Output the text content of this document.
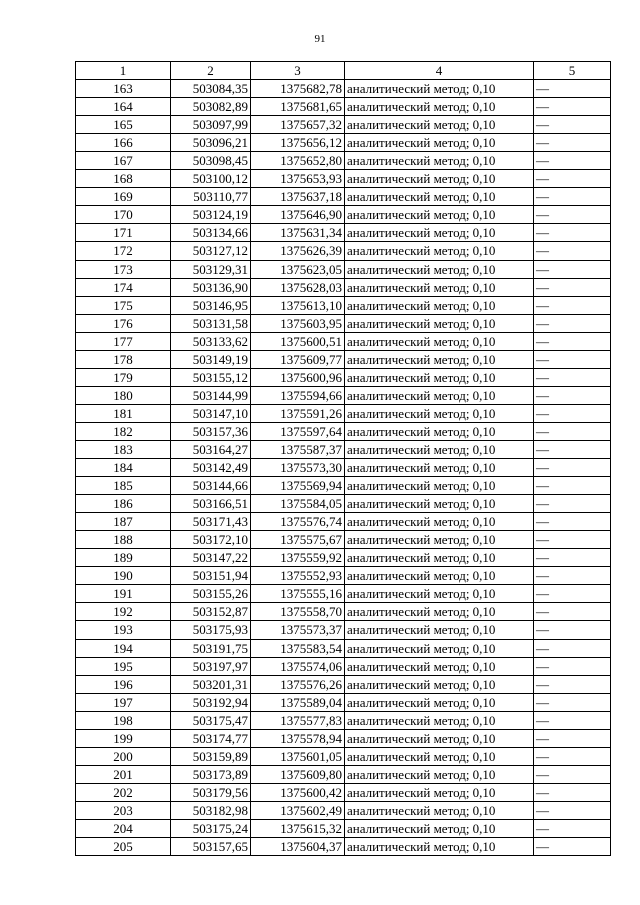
91
1	2	3	4	5
163	503084,35	1375682,78	аналитический метод; 0,10	—
164	503082,89	1375681,65	аналитический метод; 0,10	—
165	503097,99	1375657,32	аналитический метод; 0,10	—
166	503096,21	1375656,12	аналитический метод; 0,10	—
167	503098,45	1375652,80	аналитический метод; 0,10	—
168	503100,12	1375653,93	аналитический метод; 0,10	—
169	503110,77	1375637,18	аналитический метод; 0,10	—
170	503124,19	1375646,90	аналитический метод; 0,10	—
171	503134,66	1375631,34	аналитический метод; 0,10	—
172	503127,12	1375626,39	аналитический метод; 0,10	—
173	503129,31	1375623,05	аналитический метод; 0,10	—
174	503136,90	1375628,03	аналитический метод; 0,10	—
175	503146,95	1375613,10	аналитический метод; 0,10	—
176	503131,58	1375603,95	аналитический метод; 0,10	—
177	503133,62	1375600,51	аналитический метод; 0,10	—
178	503149,19	1375609,77	аналитический метод; 0,10	—
179	503155,12	1375600,96	аналитический метод; 0,10	—
180	503144,99	1375594,66	аналитический метод; 0,10	—
181	503147,10	1375591,26	аналитический метод; 0,10	—
182	503157,36	1375597,64	аналитический метод; 0,10	—
183	503164,27	1375587,37	аналитический метод; 0,10	—
184	503142,49	1375573,30	аналитический метод; 0,10	—
185	503144,66	1375569,94	аналитический метод; 0,10	—
186	503166,51	1375584,05	аналитический метод; 0,10	—
187	503171,43	1375576,74	аналитический метод; 0,10	—
188	503172,10	1375575,67	аналитический метод; 0,10	—
189	503147,22	1375559,92	аналитический метод; 0,10	—
190	503151,94	1375552,93	аналитический метод; 0,10	—
191	503155,26	1375555,16	аналитический метод; 0,10	—
192	503152,87	1375558,70	аналитический метод; 0,10	—
193	503175,93	1375573,37	аналитический метод; 0,10	—
194	503191,75	1375583,54	аналитический метод; 0,10	—
195	503197,97	1375574,06	аналитический метод; 0,10	—
196	503201,31	1375576,26	аналитический метод; 0,10	—
197	503192,94	1375589,04	аналитический метод; 0,10	—
198	503175,47	1375577,83	аналитический метод; 0,10	—
199	503174,77	1375578,94	аналитический метод; 0,10	—
200	503159,89	1375601,05	аналитический метод; 0,10	—
201	503173,89	1375609,80	аналитический метод; 0,10	—
202	503179,56	1375600,42	аналитический метод; 0,10	—
203	503182,98	1375602,49	аналитический метод; 0,10	—
204	503175,24	1375615,32	аналитический метод; 0,10	—
205	503157,65	1375604,37	аналитический метод; 0,10	—
